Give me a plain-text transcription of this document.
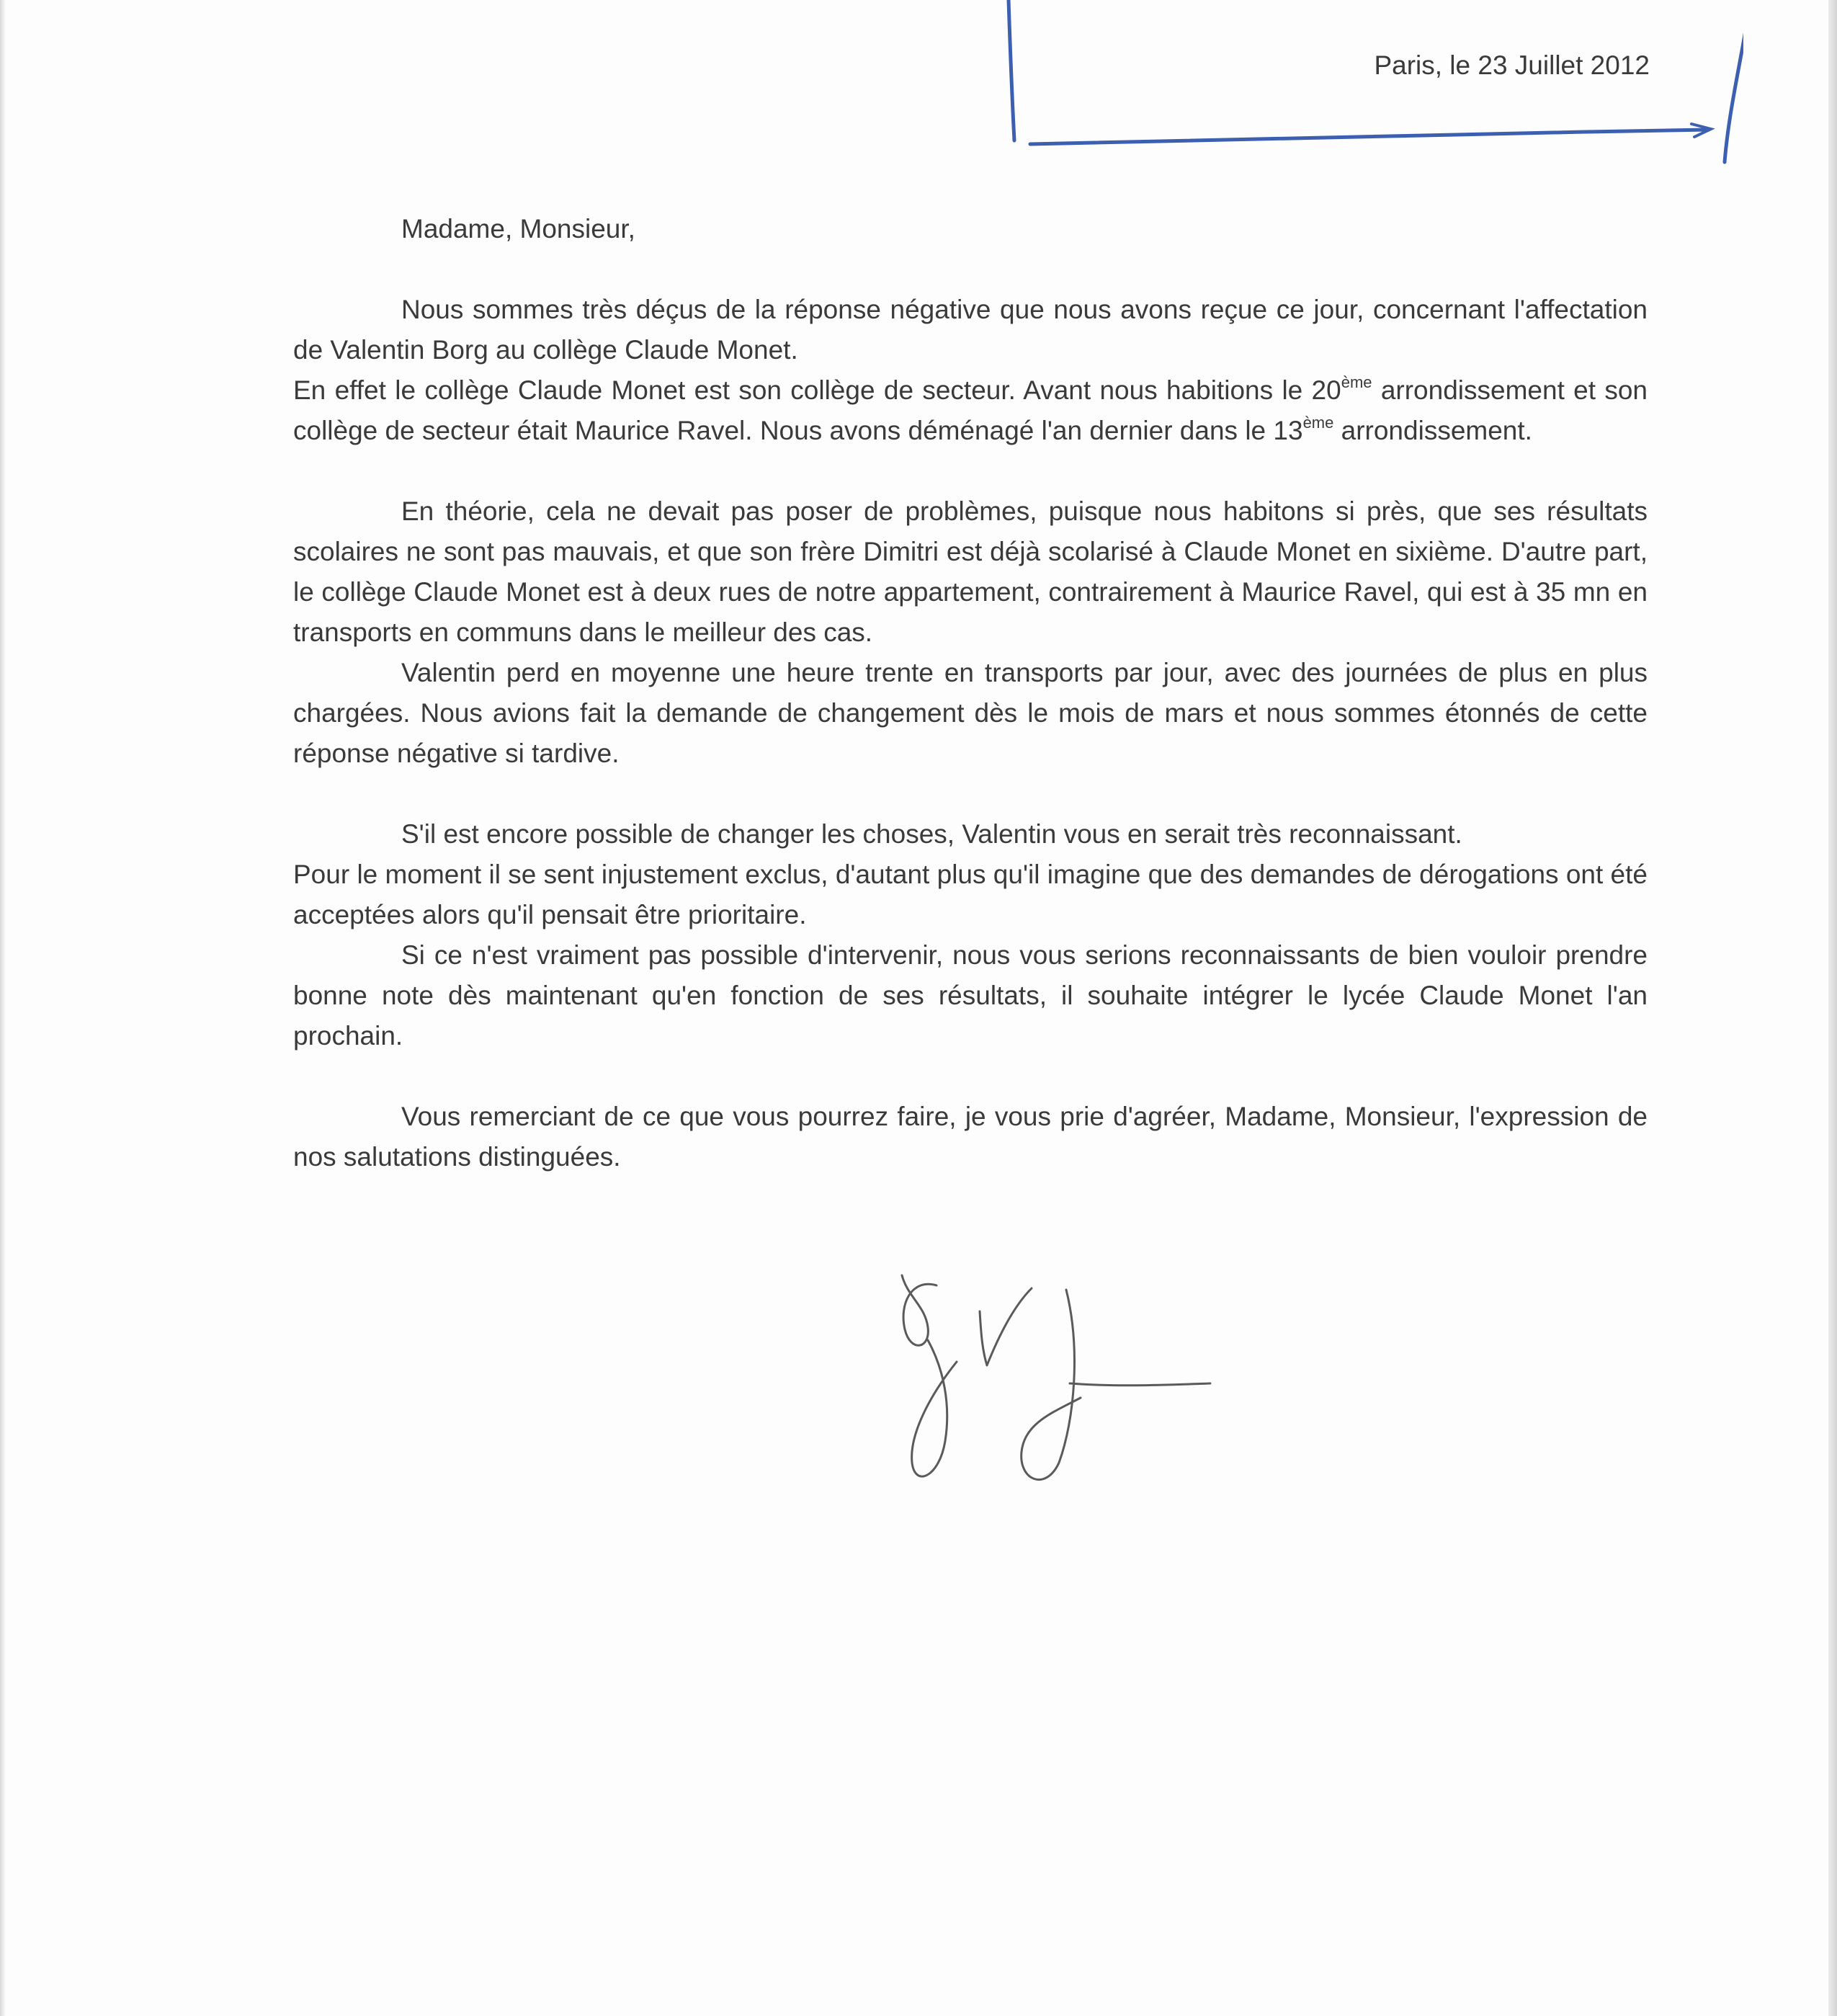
Paris, le 23 Juillet 2012

Madame, Monsieur,

Nous sommes très déçus de la réponse négative que nous avons reçue ce jour, concernant l'affectation de Valentin Borg au collège Claude Monet.

En effet le collège Claude Monet est son collège de secteur. Avant nous habitions le 20ème arrondissement et son collège de secteur était Maurice Ravel. Nous avons déménagé l'an dernier dans le 13ème arrondissement.

En théorie, cela ne devait pas poser de problèmes, puisque nous habitons si près, que ses résultats scolaires ne sont pas mauvais, et que son frère Dimitri est déjà scolarisé à Claude Monet en sixième. D'autre part, le collège Claude Monet est à deux rues de notre appartement, contrairement à Maurice Ravel, qui est à 35 mn en transports en communs dans le meilleur des cas.

Valentin perd en moyenne une heure trente en transports par jour, avec des journées de plus en plus chargées. Nous avions fait la demande de changement dès le mois de mars et nous sommes étonnés de cette réponse négative si tardive.

S'il est encore possible de changer les choses, Valentin vous en serait très reconnaissant.

Pour le moment il se sent injustement exclus, d'autant plus qu'il imagine que des demandes de dérogations ont été acceptées alors qu'il pensait être prioritaire.

Si ce n'est vraiment pas possible d'intervenir, nous vous serions reconnaissants de bien vouloir prendre bonne note dès maintenant qu'en fonction de ses résultats, il souhaite intégrer le lycée Claude Monet l'an prochain.

Vous remerciant de ce que vous pourrez faire, je vous prie d'agréer, Madame, Monsieur, l'expression de nos salutations distinguées.
